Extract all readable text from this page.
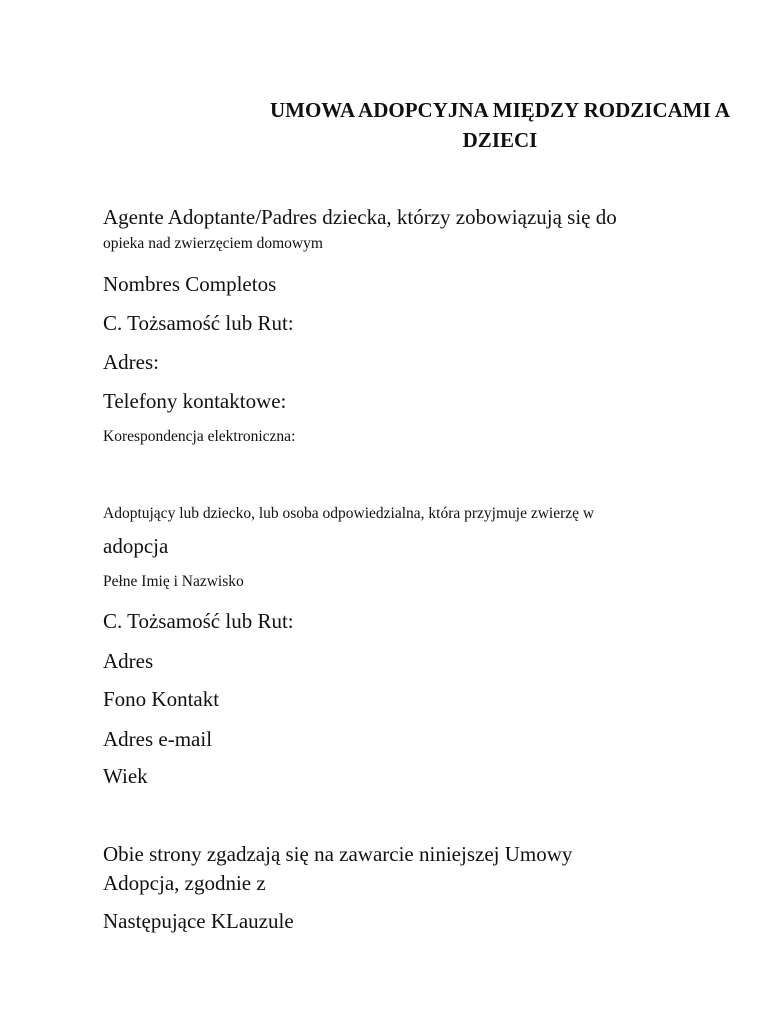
UMOWA ADOPCYJNA MIĘDZY RODZICAMI A
DZIECI

Agente Adoptante/Padres dziecka, którzy zobowiązują się do

opieka nad zwierzęciem domowym

Nombres Completos

C. Tożsamość lub Rut:

Adres:

Telefony kontaktowe:

Korespondencja elektroniczna:

Adoptujący lub dziecko, lub osoba odpowiedzialna, która przyjmuje zwierzę w

adopcja

Pełne Imię i Nazwisko

C. Tożsamość lub Rut:

Adres

Fono Kontakt

Adres e-mail

Wiek

Obie strony zgadzają się na zawarcie niniejszej Umowy

Adopcja, zgodnie z

Następujące KLauzule
